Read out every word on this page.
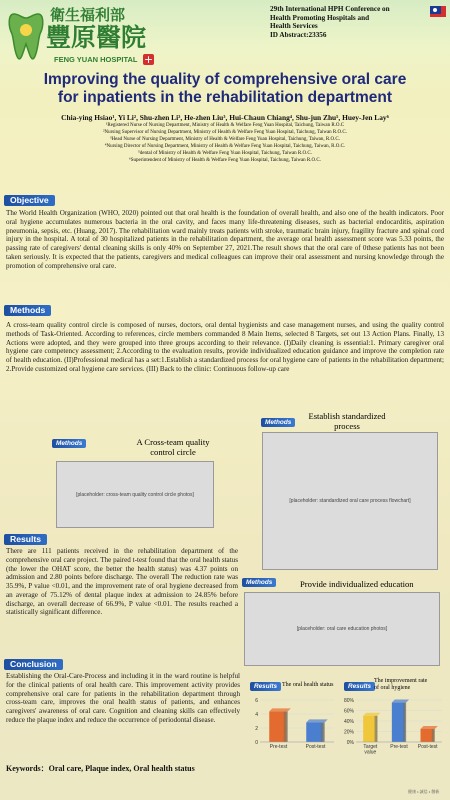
衛生福利部
豐原醫院
FENG YUAN HOSPITAL +
29th International HPH Conference on
Health Promoting Hospitals and
Health Services
ID Abstract:23356
Improving the quality of comprehensive oral care
for inpatients in the rehabilitation department
Chia-ying Hsiao¹, Yi Li², Shu-zhen Li³, He-zhen Liu³, Hui-Chaun Chiang⁴, Shu-jun Zhu⁵, Huey-Jen Lay⁶
¹Registered Nurse of Nursing Department, Ministry of Health & Welfare Feng Yuan Hospital, Taichung, Taiwan R.O.C
²Nursing Supervisor of Nursing Department, Ministry of Health & Welfare Feng Yuan Hospital, Taichung, Taiwan R.O.C.
³Head Nurse of Nursing Department, Ministry of Health & Welfare Feng Yuan Hospital, Taichung, Taiwan, R.O.C.
⁴Nursing Director of Nursing Department, Ministry of Health & Welfare Feng Yuan Hospital, Taichung, Taiwan, R.O.C.
⁵dental of Ministry of Health & Welfare Feng Yuan Hospital, Taichung, Taiwan R.O.C.
⁶Superintendent of Ministry of Health & Welfare Feng Yuan Hospital, Taichung, Taiwan R.O.C.
Objective
The World Health Organization (WHO, 2020) pointed out that oral health is the foundation of overall health, and also one of the health indicators. Poor oral hygiene accumulates numerous bacteria in the oral cavity, and faces many life-threatening diseases, such as bacterial endocarditis, aspiration pneumonia, sepsis, etc. (Huang, 2017). The rehabilitation ward mainly treats patients with stroke, traumatic brain injury, fragility fracture and spinal cord injury in the hospital. A total of 30 hospitalized patients in the rehabilitation department, the average oral health assessment score was 5.33 points, the passing rate of caregivers' dental cleaning skills is only 40% on September 27, 2021.The result shows that the oral care of 0these patients has not been taken seriously. It is expected that the patients, caregivers and medical colleagues can improve their oral assessment and nursing knowledge through the promotion of comprehensive oral care.
Methods
A cross-team quality control circle is composed of nurses, doctors, oral dental hygienists and case management nurses, and using the quality control methods of Task-Oriented. According to references, circle members commanded 8 Main Items, selected 8 Targets, set out 13 Action Plans. Finally, 13 Actions were adopted, and they were grouped into three groups according to their relevance. (I)Daily cleaning is essential:1. Primary caregiver oral hygiene care competency assessment; 2.According to the evaluation results, provide individualized education guidance and improve the completion rate of health education. (II)Professional medical has a set:1.Establish a standardized process for oral hygiene care of patients in the rehabilitation department; 2.Provide customized oral hygiene care services. (III) Back to the clinic: Continuous follow-up care
Methods	A Cross-team quality
control circle
[placeholder: cross-team quality control circle photos]
Methods
Establish standardized
process
[placeholder: standardized oral care process flowchart]
Results
There are 111 patients received in the rehabilitation department of the comprehensive oral care project. The paired t-test found that the oral health status (the lower the OHAT score, the better the health status) was 4.37 points on admission and 2.80 points before discharge. The overall The reduction rate was 35.9%, P value <0.01, and the improvement rate of oral hygiene decreased from an average of 75.12% of dental plaque index at admission to 24.85% before discharge, an overall decrease of 66.9%, P value <0.01. The results reached a statistically significant difference.
Methods	Provide individualized education
[placeholder: oral care education photos]
Conclusion
Establishing the Oral-Care-Process and including it in the ward routine is helpful for the clinical patients of oral health care. This improvement activity provides comprehensive oral care for patients in the rehabilitation department through cross-team care, improves the oral health status of patients, and enhances caregivers' awareness of oral care. Cognition and cleaning skills can effectively reduce the plaque index and reduce the occurrence of periodontal disease.
Results The oral health status
0
2
4
6
Pre-test	Post-test
Results
The improvement rate
of oral hygiene
0%
20%
40%
60%
80%
Target
value
Pre-test Post-test
Keywords：Oral care, Plaque index, Oral health status
健康 • 誠信 • 創新
